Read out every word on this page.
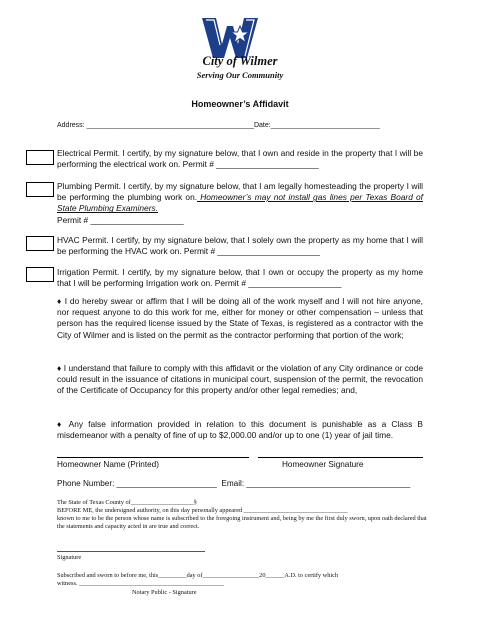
City of Wilmer
Serving Our Community
Homeowner’s Affidavit
Address: ___________________________________________Date:____________________________

Electrical Permit. I certify, by my signature below, that I own and reside in the property that I will be performing the electrical work on. Permit # ______________________

Plumbing Permit. I certify, by my signature below, that I am legally homesteading the property I will be performing the plumbing work on. Homeowner’s may not install gas lines per Texas Board of State Plumbing Examiners.

Permit # ____________________

HVAC Permit. I certify, by my signature below, that I solely own the property as my home that I will be performing the HVAC work on. Permit # ______________________

Irrigation Permit. I certify, by my signature below, that I own or occupy the property as my home that I will be performing Irrigation work on. Permit # ____________________

♦ I do hereby swear or affirm that I will be doing all of the work myself and I will not hire anyone, nor request anyone to do this work for me, either for money or other compensation – unless that person has the required license issued by the State of Texas, is registered as a contractor with the City of Wilmer and is listed on the permit as the contractor performing that portion of the work;

♦ I understand that failure to comply with this affidavit or the violation of any City ordinance or code could result in the issuance of citations in municipal court, suspension of the permit, the revocation of the Certificate of Occupancy for this property and/or other legal remedies; and,

♦ Any false information provided in relation to this document is punishable as a Class B misdemeanor with a penalty of fine of up to $2,000.00 and/or up to one (1) year of jail time.

Homeowner Name (Printed)	Homeowner Signature
Phone Number: ______________________ Email: ____________________________________
The State of Texas County of____________________§
BEFORE ME, the undersigned authority, on this day personally appeared _________________________________
known to me to be the person whose name is subscribed to the foregoing instrument and, being by me the first duly sworn, upon oath declared that the statements and capacity acted in are true and correct.
Signature
Subscribed and sworn to before me, this_________day of__________________20______A.D. to certify which
witness. ______________________________________________
Notary Public - Signature
